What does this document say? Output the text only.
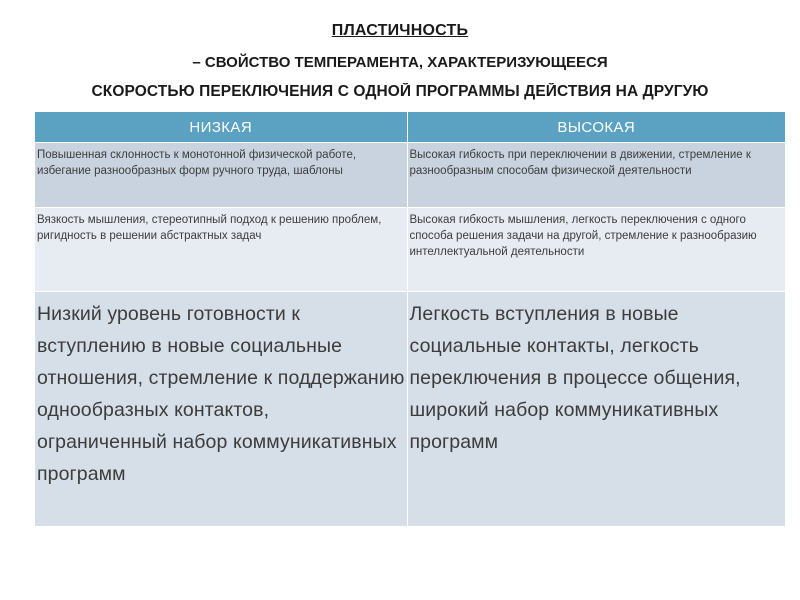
ПЛАСТИЧНОСТЬ
– СВОЙСТВО ТЕМПЕРАМЕНТА, ХАРАКТЕРИЗУЮЩЕЕСЯ
СКОРОСТЬЮ ПЕРЕКЛЮЧЕНИЯ С ОДНОЙ ПРОГРАММЫ ДЕЙСТВИЯ НА ДРУГУЮ
НИЗКАЯ	ВЫСОКАЯ
Повышенная склонность к монотонной физической работе, избегание разнообразных форм ручного труда, шаблоны	Высокая гибкость при переключении в движении, стремление к разнообразным способам физической деятельности
Вязкость мышления, стереотипный подход к решению проблем, ригидность в решении абстрактных задач	Высокая гибкость мышления, легкость переключения с одного способа решения задачи на другой, стремление к разнообразию интеллектуальной деятельности
Низкий уровень готовности к вступлению в новые социальные отношения, стремление к поддержанию однообразных контактов, ограниченный набор коммуникативных программ	Легкость вступления в новые социальные контакты, легкость переключения в процессе общения, широкий набор коммуникативных программ
